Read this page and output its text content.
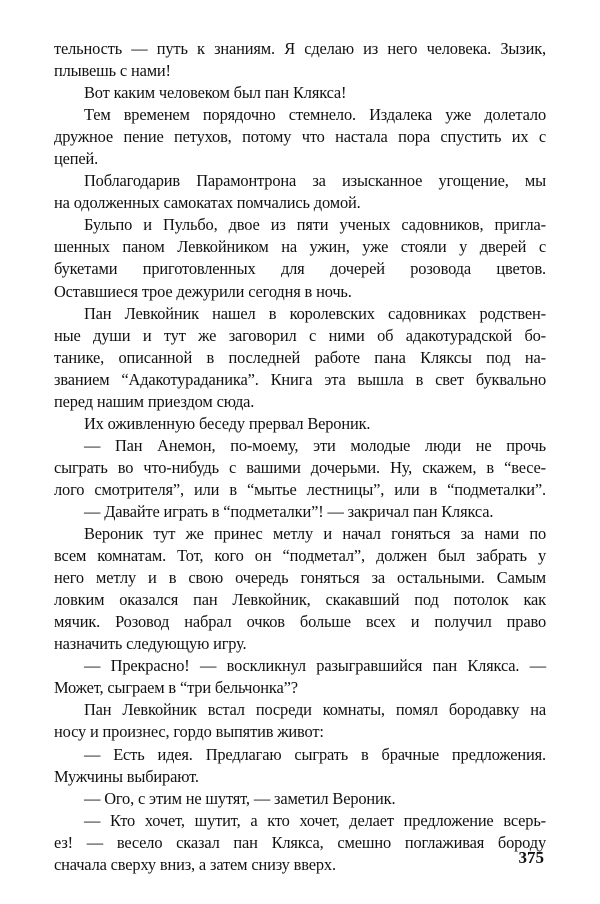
тельность — путь к знаниям. Я сделаю из него человека. Зызик,
плывешь с нами!
Вот каким человеком был пан Клякса!
Тем временем порядочно стемнело. Издалека уже долетало
дружное пение петухов, потому что настала пора спустить их с
цепей.
Поблагодарив Парамонтрона за изысканное угощение, мы
на одолженных самокатах помчались домой.
Бульпо и Пульбо, двое из пяти ученых садовников, пригла-
шенных паном Левкойником на ужин, уже стояли у дверей с
букетами приготовленных для дочерей розовода цветов.
Оставшиеся трое дежурили сегодня в ночь.
Пан Левкойник нашел в королевских садовниках родствен-
ные души и тут же заговорил с ними об адакотурадской бо-
танике, описанной в последней работе пана Кляксы под на-
званием “Адакотураданика”. Книга эта вышла в свет буквально
перед нашим приездом сюда.
Их оживленную беседу прервал Вероник.
— Пан Анемон, по-моему, эти молодые люди не прочь
сыграть во что-нибудь с вашими дочерьми. Ну, скажем, в “весе-
лого смотрителя”, или в “мытье лестницы”, или в “подметалки”.
— Давайте играть в “подметалки”! — закричал пан Клякса.
Вероник тут же принес метлу и начал гоняться за нами по
всем комнатам. Тот, кого он “подметал”, должен был забрать у
него метлу и в свою очередь гоняться за остальными. Самым
ловким оказался пан Левкойник, скакавший под потолок как
мячик. Розовод набрал очков больше всех и получил право
назначить следующую игру.
— Прекрасно! — воскликнул разыгравшийся пан Клякса. —
Может, сыграем в “три бельчонка”?
Пан Левкойник встал посреди комнаты, помял бородавку на
носу и произнес, гордо выпятив живот:
— Есть идея. Предлагаю сыграть в брачные предложения.
Мужчины выбирают.
— Ого, с этим не шутят, — заметил Вероник.
— Кто хочет, шутит, а кто хочет, делает предложение всерь-
ез! — весело сказал пан Клякса, смешно поглаживая бороду
сначала сверху вниз, а затем снизу вверх.	375
